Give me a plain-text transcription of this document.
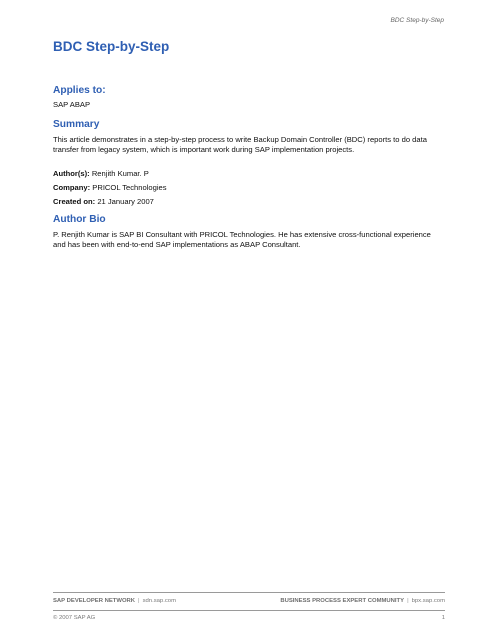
BDC Step-by-Step
BDC Step-by-Step
Applies to:

SAP ABAP

Summary

This article demonstrates in a step-by-step process to write Backup Domain Controller (BDC) reports to do data transfer from legacy system, which is important work during SAP implementation projects.

Author(s): Renjith Kumar. P

Company: PRICOL Technologies

Created on: 21 January 2007

Author Bio

P. Renjith Kumar is SAP BI Consultant with PRICOL Technologies. He has extensive cross-functional experience and has been with end-to-end SAP implementations as ABAP Consultant.

SAP DEVELOPER NETWORK | sdn.sap.com	BUSINESS PROCESS EXPERT COMMUNITY | bpx.sap.com
© 2007 SAP AG	1
